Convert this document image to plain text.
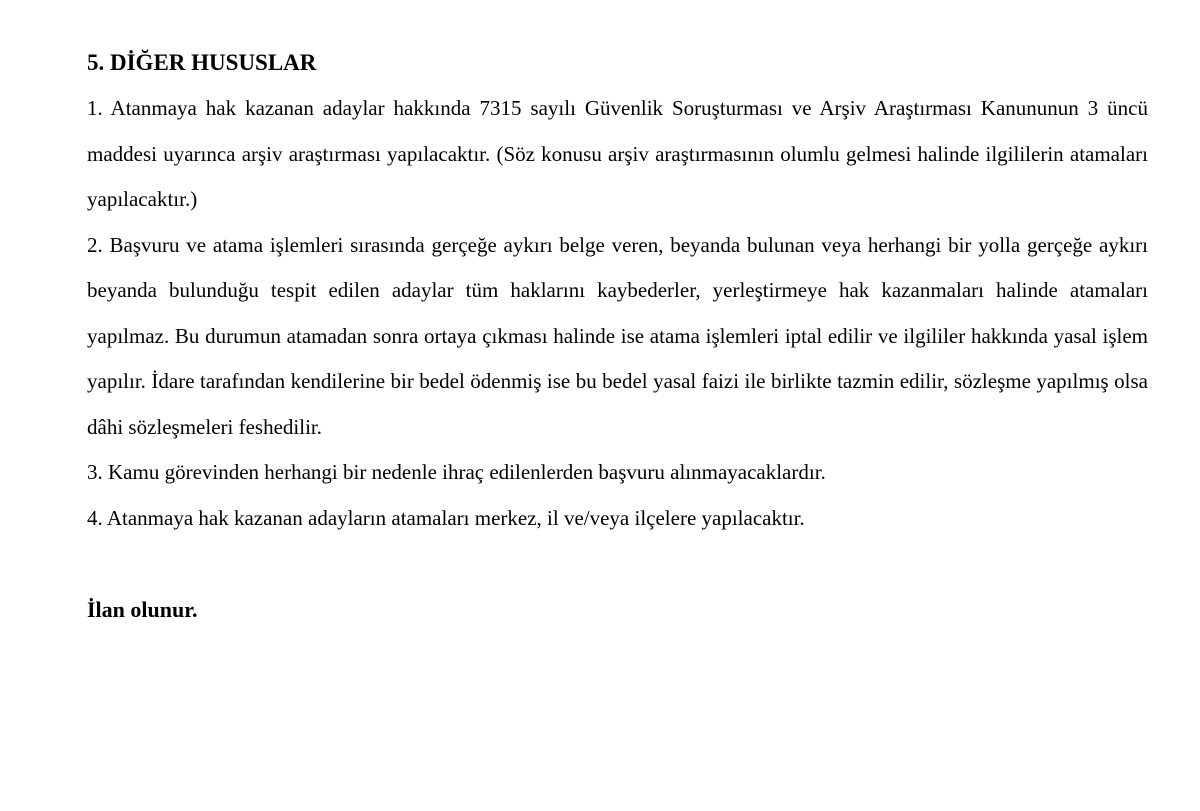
5. DİĞER HUSUSLAR

1. Atanmaya hak kazanan adaylar hakkında 7315 sayılı Güvenlik Soruşturması ve Arşiv Araştırması Kanununun 3 üncü maddesi uyarınca arşiv araştırması yapılacaktır. (Söz konusu arşiv araştırmasının olumlu gelmesi halinde ilgililerin atamaları yapılacaktır.)

2. Başvuru ve atama işlemleri sırasında gerçeğe aykırı belge veren, beyanda bulunan veya herhangi bir yolla gerçeğe aykırı beyanda bulunduğu tespit edilen adaylar tüm haklarını kaybederler, yerleştirmeye hak kazanmaları halinde atamaları yapılmaz. Bu durumun atamadan sonra ortaya çıkması halinde ise atama işlemleri iptal edilir ve ilgililer hakkında yasal işlem yapılır. İdare tarafından kendilerine bir bedel ödenmiş ise bu bedel yasal faizi ile birlikte tazmin edilir, sözleşme yapılmış olsa dâhi sözleşmeleri feshedilir.

3. Kamu görevinden herhangi bir nedenle ihraç edilenlerden başvuru alınmayacaklardır.

4. Atanmaya hak kazanan adayların atamaları merkez, il ve/veya ilçelere yapılacaktır.

İlan olunur.
